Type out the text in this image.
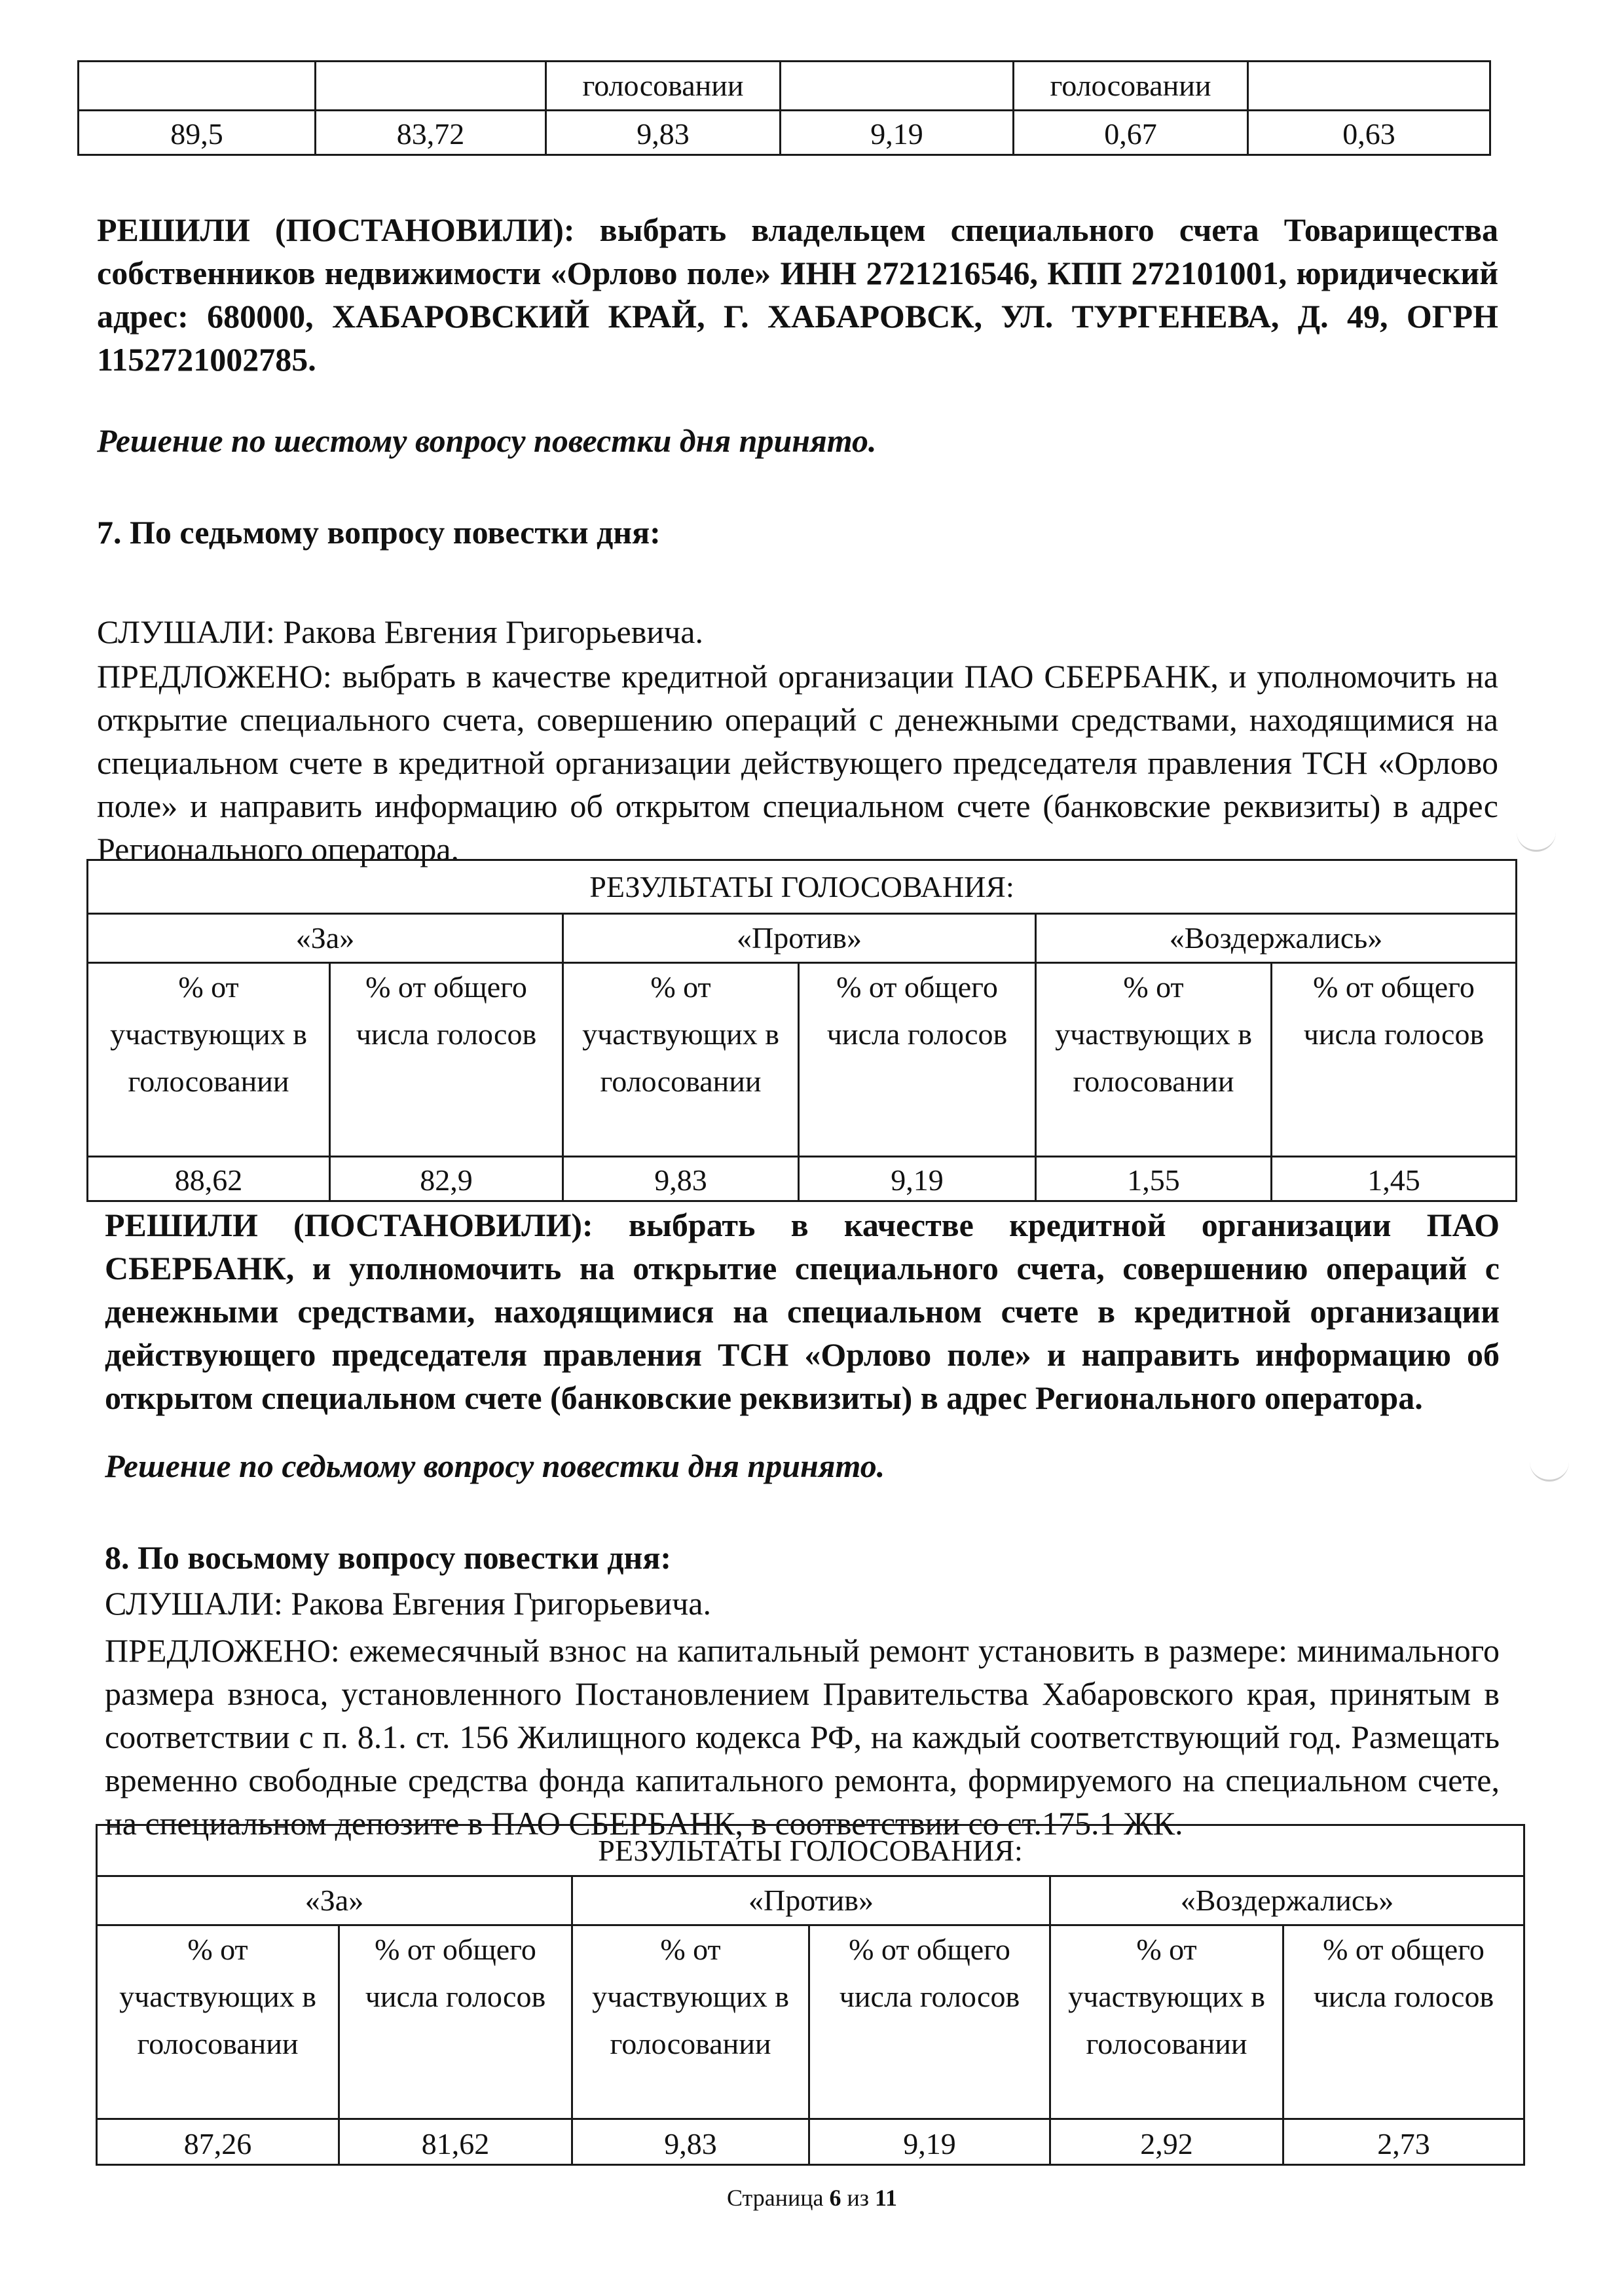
		голосовании		голосовании	
89,5	83,72	9,83	9,19	0,67	0,63

РЕШИЛИ (ПОСТАНОВИЛИ): выбрать владельцем специального счета Товарищества собственников недвижимости «Орлово поле» ИНН 2721216546, КПП 272101001, юридический адрес: 680000, ХАБАРОВСКИЙ КРАЙ, Г. ХАБАРОВСК, УЛ. ТУРГЕНЕВА, Д. 49, ОГРН 1152721002785.

Решение по шестому вопросу повестки дня принято.

7. По седьмому вопросу повестки дня:

СЛУШАЛИ: Ракова Евгения Григорьевича.

ПРЕДЛОЖЕНО: выбрать в качестве кредитной организации ПАО СБЕРБАНК, и уполномочить на открытие специального счета, совершению операций с денежными средствами, находящимися на специальном счете в кредитной организации действующего председателя правления ТСН «Орлово поле» и направить информацию об открытом специальном счете (банковские реквизиты) в адрес Регионального оператора.

РЕЗУЛЬТАТЫ ГОЛОСОВАНИЯ:					
«За»		«Против»		«Воздержались»	
% от участвующих в голосовании	% от общего числа голосов	% от участвующих в голосовании	% от общего числа голосов	% от участвующих в голосовании	% от общего числа голосов
88,62	82,9	9,83	9,19	1,55	1,45

РЕШИЛИ (ПОСТАНОВИЛИ): выбрать в качестве кредитной организации ПАО СБЕРБАНК, и уполномочить на открытие специального счета, совершению операций с денежными средствами, находящимися на специальном счете в кредитной организации действующего председателя правления ТСН «Орлово поле» и направить информацию об открытом специальном счете (банковские реквизиты) в адрес Регионального оператора.

Решение по седьмому вопросу повестки дня принято.

8. По восьмому вопросу повестки дня:

СЛУШАЛИ: Ракова Евгения Григорьевича.

ПРЕДЛОЖЕНО: ежемесячный взнос на капитальный ремонт установить в размере: минимального размера взноса, установленного Постановлением Правительства Хабаровского края, принятым в соответствии с п. 8.1. ст. 156 Жилищного кодекса РФ, на каждый соответствующий год. Размещать временно свободные средства фонда капитального ремонта, формируемого на специальном счете, на специальном депозите в ПАО СБЕРБАНК, в соответствии со ст.175.1 ЖК.

РЕЗУЛЬТАТЫ ГОЛОСОВАНИЯ:					
«За»		«Против»		«Воздержались»	
% от участвующих в голосовании	% от общего числа голосов	% от участвующих в голосовании	% от общего числа голосов	% от участвующих в голосовании	% от общего числа голосов
87,26	81,62	9,83	9,19	2,92	2,73
Страница 6 из 11
